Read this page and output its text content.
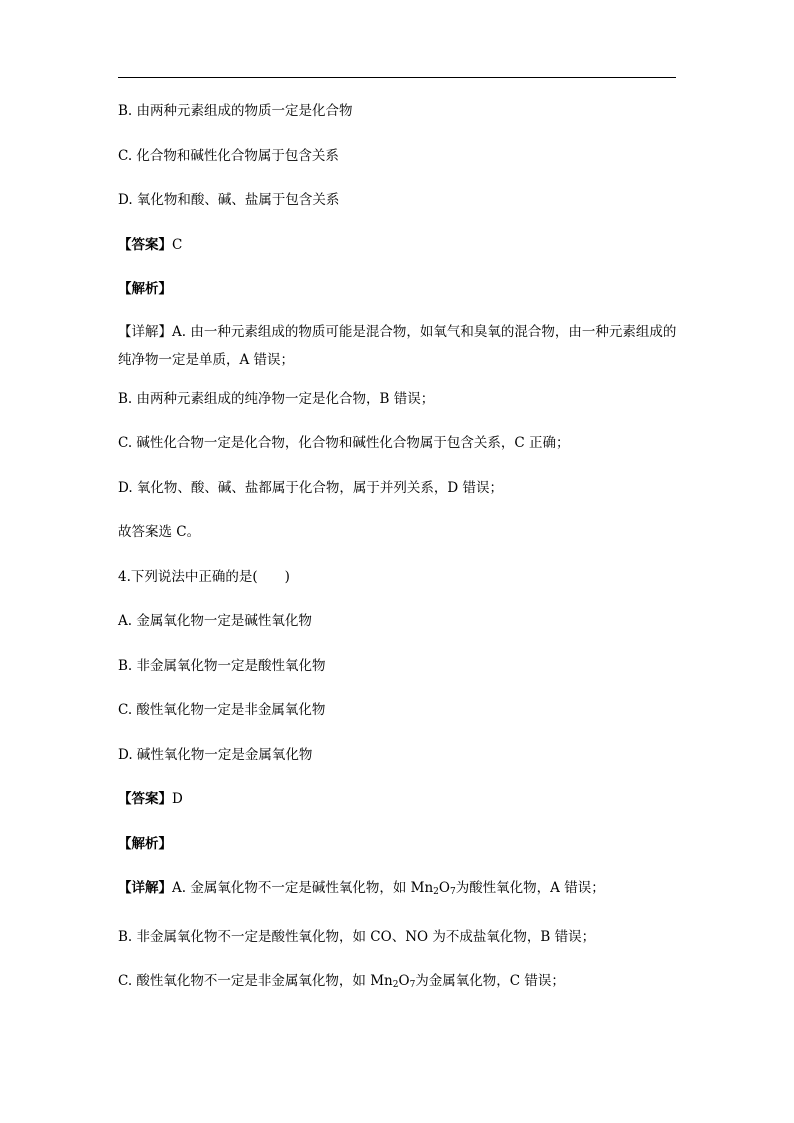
B. 由两种元素组成的物质一定是化合物

C. 化合物和碱性化合物属于包含关系

D. 氧化物和酸、碱、盐属于包含关系

【答案】C

【解析】

【详解】A. 由一种元素组成的物质可能是混合物，如氧气和臭氧的混合物，由一种元素组成的纯净物一定是单质，A 错误；

B. 由两种元素组成的纯净物一定是化合物，B 错误；

C. 碱性化合物一定是化合物，化合物和碱性化合物属于包含关系，C 正确；

D. 氧化物、酸、碱、盐都属于化合物，属于并列关系，D 错误；

故答案选 C。

4.下列说法中正确的是(　　)

A. 金属氧化物一定是碱性氧化物

B. 非金属氧化物一定是酸性氧化物

C. 酸性氧化物一定是非金属氧化物

D. 碱性氧化物一定是金属氧化物

【答案】D

【解析】

【详解】A. 金属氧化物不一定是碱性氧化物，如 $Mn_2O_7$为酸性氧化物，A 错误；

B. 非金属氧化物不一定是酸性氧化物，如 CO、NO 为不成盐氧化物，B 错误；

C. 酸性氧化物不一定是非金属氧化物，如 $Mn_2O_7$为金属氧化物，C 错误；
